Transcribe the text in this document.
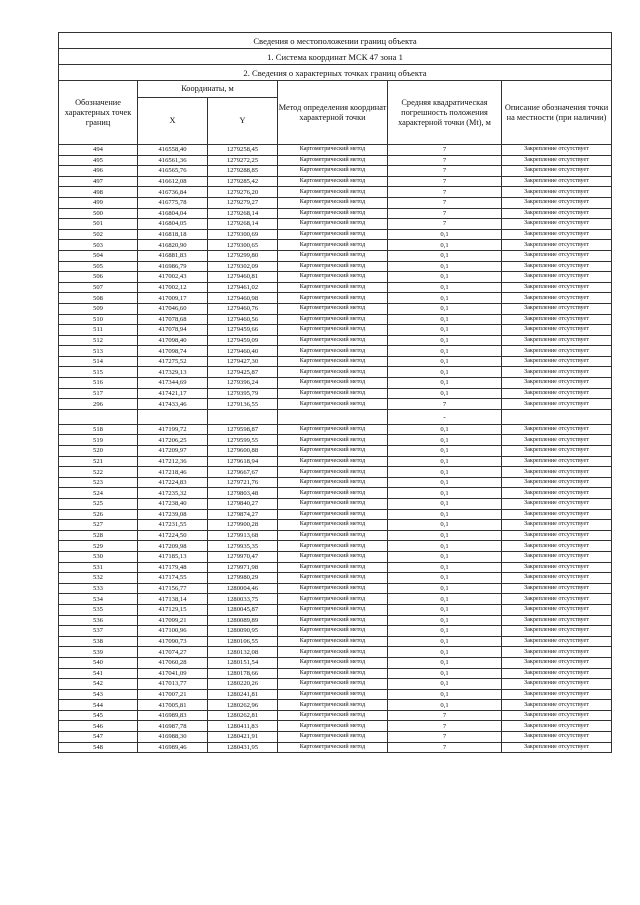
Сведения о местоположении границ объекта					
1. Система координат МСК 47 зона 1					
2. Сведения о характерных точках границ объекта					
Обозначение характерных точек границ	Координаты, м		Метод определения координат характерной точки	Средняя квадратическая погрешность положения характерной точки (Mt), м	Описание обозначения точки на местности (при наличии)
	X	Y			
494	416558,40	1279258,45	Картометрический метод	7	Закрепление отсутствует
495	416561,36	1279272,25	Картометрический метод	7	Закрепление отсутствует
496	416565,76	1279288,85	Картометрический метод	7	Закрепление отсутствует
497	416612,08	1279285,42	Картометрический метод	7	Закрепление отсутствует
498	416736,84	1279276,20	Картометрический метод	7	Закрепление отсутствует
499	416775,78	1279279,27	Картометрический метод	7	Закрепление отсутствует
500	416804,04	1279268,14	Картометрический метод	7	Закрепление отсутствует
501	416804,05	1279268,14	Картометрический метод	7	Закрепление отсутствует
502	416818,18	1279300,69	Картометрический метод	0,1	Закрепление отсутствует
503	416820,90	1279300,65	Картометрический метод	0,1	Закрепление отсутствует
504	416881,83	1279299,80	Картометрический метод	0,1	Закрепление отсутствует
505	416986,79	1279302,09	Картометрический метод	0,1	Закрепление отсутствует
506	417002,43	1279460,81	Картометрический метод	0,1	Закрепление отсутствует
507	417002,12	1279461,02	Картометрический метод	0,1	Закрепление отсутствует
508	417009,17	1279460,98	Картометрический метод	0,1	Закрепление отсутствует
509	417046,60	1279460,76	Картометрический метод	0,1	Закрепление отсутствует
510	417078,68	1279460,56	Картометрический метод	0,1	Закрепление отсутствует
511	417078,94	1279459,66	Картометрический метод	0,1	Закрепление отсутствует
512	417098,40	1279459,09	Картометрический метод	0,1	Закрепление отсутствует
513	417098,74	1279460,40	Картометрический метод	0,1	Закрепление отсутствует
514	417275,52	1279427,30	Картометрический метод	0,1	Закрепление отсутствует
515	417329,13	1279425,87	Картометрический метод	0,1	Закрепление отсутствует
516	417344,69	1279396,24	Картометрический метод	0,1	Закрепление отсутствует
517	417421,17	1279395,79	Картометрический метод	0,1	Закрепление отсутствует
296	417433,46	1279136,55	Картометрический метод	7	Закрепление отсутствует
				-	
518	417199,72	1279598,87	Картометрический метод	0,1	Закрепление отсутствует
519	417206,25	1279599,55	Картометрический метод	0,1	Закрепление отсутствует
520	417209,97	1279600,88	Картометрический метод	0,1	Закрепление отсутствует
521	417212,36	1279618,94	Картометрический метод	0,1	Закрепление отсутствует
522	417218,46	1279667,67	Картометрический метод	0,1	Закрепление отсутствует
523	417224,83	1279721,76	Картометрический метод	0,1	Закрепление отсутствует
524	417235,32	1279803,48	Картометрический метод	0,1	Закрепление отсутствует
525	417238,40	1279840,27	Картометрический метод	0,1	Закрепление отсутствует
526	417239,08	1279874,27	Картометрический метод	0,1	Закрепление отсутствует
527	417231,55	1279900,28	Картометрический метод	0,1	Закрепление отсутствует
528	417224,50	1279913,68	Картометрический метод	0,1	Закрепление отсутствует
529	417209,98	1279935,35	Картометрический метод	0,1	Закрепление отсутствует
530	417185,13	1279970,47	Картометрический метод	0,1	Закрепление отсутствует
531	417179,48	1279971,98	Картометрический метод	0,1	Закрепление отсутствует
532	417174,55	1279980,29	Картометрический метод	0,1	Закрепление отсутствует
533	417156,77	1280004,46	Картометрический метод	0,1	Закрепление отсутствует
534	417138,14	1280033,75	Картометрический метод	0,1	Закрепление отсутствует
535	417129,15	1280045,87	Картометрический метод	0,1	Закрепление отсутствует
536	417099,21	1280089,89	Картометрический метод	0,1	Закрепление отсутствует
537	417100,96	1280090,95	Картометрический метод	0,1	Закрепление отсутствует
538	417090,73	1280106,55	Картометрический метод	0,1	Закрепление отсутствует
539	417074,27	1280132,08	Картометрический метод	0,1	Закрепление отсутствует
540	417060,28	1280151,54	Картометрический метод	0,1	Закрепление отсутствует
541	417041,09	1280178,66	Картометрический метод	0,1	Закрепление отсутствует
542	417013,77	1280220,26	Картометрический метод	0,1	Закрепление отсутствует
543	417007,21	1280241,81	Картометрический метод	0,1	Закрепление отсутствует
544	417005,81	1280262,96	Картометрический метод	0,1	Закрепление отсутствует
545	416989,83	1280262,81	Картометрический метод	7	Закрепление отсутствует
546	416987,78	1280411,83	Картометрический метод	7	Закрепление отсутствует
547	416988,30	1280421,91	Картометрический метод	7	Закрепление отсутствует
548	416989,46	1280431,95	Картометрический метод	7	Закрепление отсутствует
